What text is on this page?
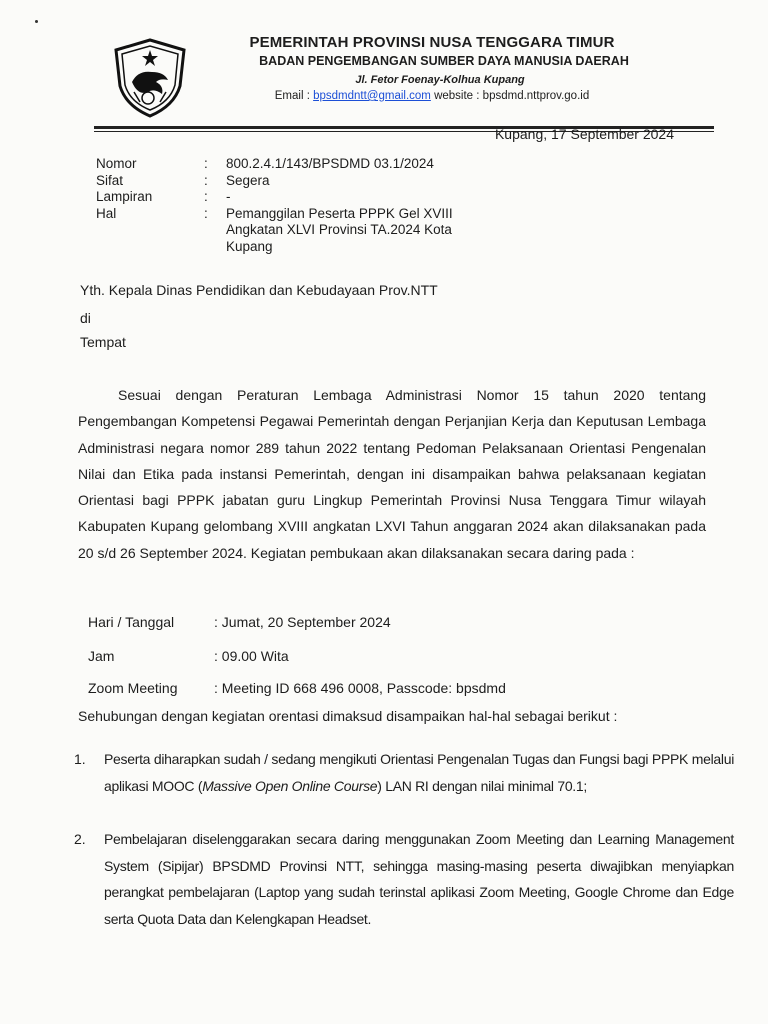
PEMERINTAH PROVINSI NUSA TENGGARA TIMUR
BADAN PENGEMBANGAN SUMBER DAYA MANUSIA DAERAH
Jl. Fetor Foenay-Kolhua Kupang
Email : bpsdmdntt@gmail.com website : bpsdmd.nttprov.go.id
Kupang, 17 September 2024
Nomor	:	800.2.4.1/143/BPSDMD 03.1/2024
Sifat	:	Segera
Lampiran	:	-
Hal	:	Pemanggilan Peserta PPPK Gel XVIII Angkatan XLVI Provinsi TA.2024 Kota Kupang
Yth. Kepala Dinas Pendidikan dan Kebudayaan Prov.NTT
di
Tempat
Sesuai dengan Peraturan Lembaga Administrasi Nomor 15 tahun 2020 tentang Pengembangan Kompetensi Pegawai Pemerintah dengan Perjanjian Kerja dan Keputusan Lembaga Administrasi negara nomor 289 tahun 2022 tentang Pedoman Pelaksanaan Orientasi Pengenalan Nilai dan Etika pada instansi Pemerintah, dengan ini disampaikan bahwa pelaksanaan kegiatan Orientasi bagi PPPK jabatan guru Lingkup Pemerintah Provinsi Nusa Tenggara Timur wilayah Kabupaten Kupang gelombang XVIII angkatan LXVI Tahun anggaran 2024 akan dilaksanakan pada 20 s/d 26 September 2024. Kegiatan pembukaan akan dilaksanakan secara daring pada :
Hari / Tanggal	: Jumat, 20 September 2024
Jam	: 09.00 Wita
Zoom Meeting	: Meeting ID 668 496 0008, Passcode: bpsdmd
Sehubungan dengan kegiatan orentasi dimaksud disampaikan hal-hal sebagai berikut :
1. Peserta diharapkan sudah / sedang mengikuti Orientasi Pengenalan Tugas dan Fungsi bagi PPPK melalui aplikasi MOOC (Massive Open Online Course) LAN RI dengan nilai minimal 70.1;
2. Pembelajaran diselenggarakan secara daring menggunakan Zoom Meeting dan Learning Management System (Sipijar) BPSDMD Provinsi NTT, sehingga masing-masing peserta diwajibkan menyiapkan perangkat pembelajaran (Laptop yang sudah terinstal aplikasi Zoom Meeting, Google Chrome dan Edge serta Quota Data dan Kelengkapan Headset.
